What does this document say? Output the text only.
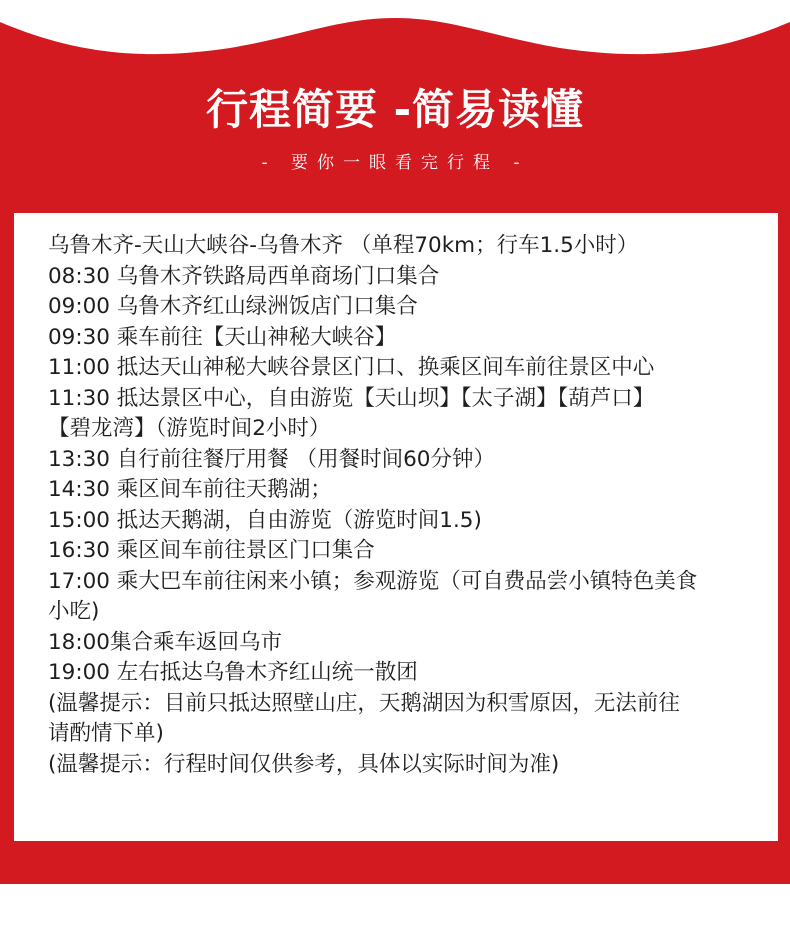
行程简要 -简易读懂
- 要你一眼看完行程 -
乌鲁木齐-天山大峡谷-乌鲁木齐 （单程70km；行车1.5小时）
08:30 乌鲁木齐铁路局西单商场门口集合
09:00 乌鲁木齐红山绿洲饭店门口集合
09:30 乘车前往【天山神秘大峡谷】
11:00 抵达天山神秘大峡谷景区门口、换乘区间车前往景区中心
11:30 抵达景区中心，自由游览【天山坝】【太子湖】【葫芦口】
【碧龙湾】（游览时间2小时）
13:30 自行前往餐厅用餐 （用餐时间60分钟）
14:30 乘区间车前往天鹅湖；
15:00 抵达天鹅湖，自由游览（游览时间1.5)
16:30 乘区间车前往景区门口集合
17:00 乘大巴车前往闲来小镇；参观游览（可自费品尝小镇特色美食
小吃)
18:00集合乘车返回乌市
19:00 左右抵达乌鲁木齐红山统一散团
(温馨提示：目前只抵达照壁山庄，天鹅湖因为积雪原因，无法前往
请酌情下单)
(温馨提示：行程时间仅供参考，具体以实际时间为准)
